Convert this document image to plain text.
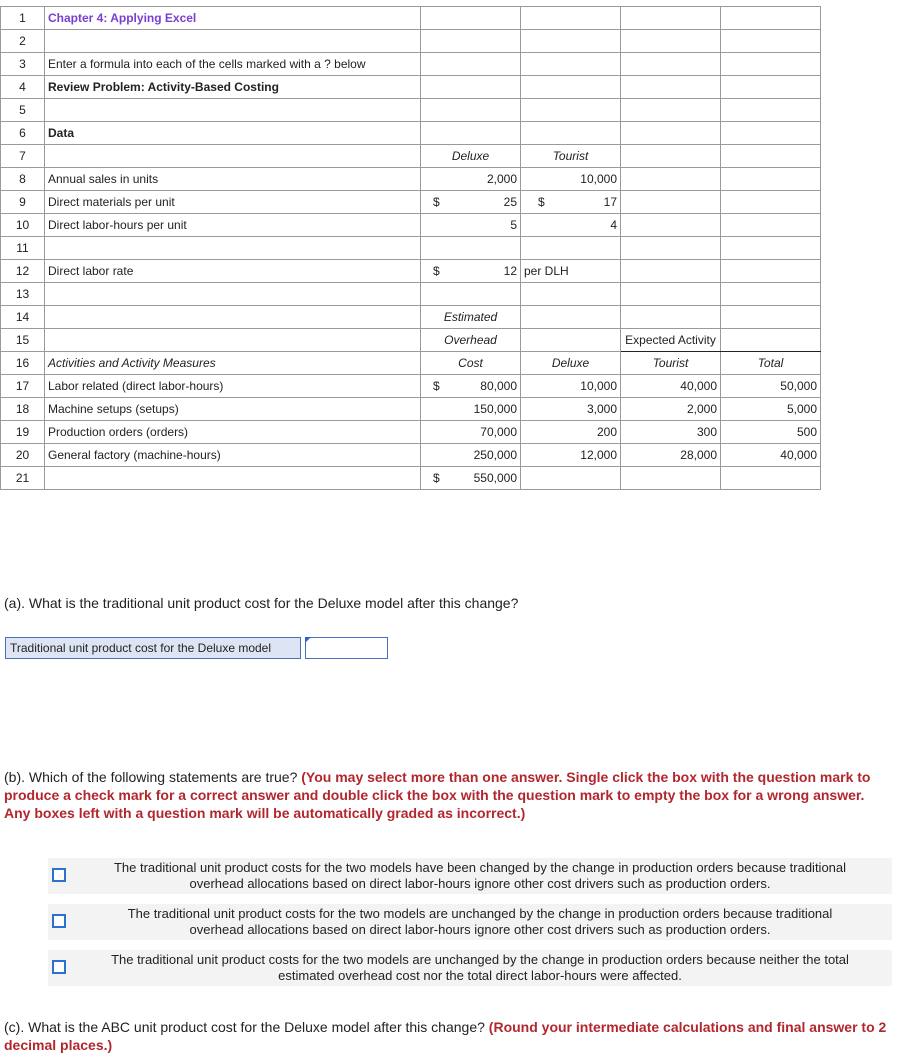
1	Chapter 4: Applying Excel				
2					
3	Enter a formula into each of the cells marked with a ? below				
4	Review Problem: Activity-Based Costing				
5					
6	Data				
7		Deluxe	Tourist		
8	Annual sales in units	2,000	10,000		
9	Direct materials per unit	$ 25	$ 17		

10	Direct labor-hours per unit	5	4		
11					
12	Direct labor rate	$ 12	per DLH		
13					
14		Estimated			
15		Overhead		Expected Activity	
16	Activities and Activity Measures	Cost	Deluxe	Tourist	Total
17	Labor related (direct labor-hours)	$ 80,000	10,000	40,000	50,000
18	Machine setups (setups)	150,000	3,000	2,000	5,000
19	Production orders (orders)	70,000	200	300	500
20	General factory (machine-hours)	250,000	12,000	28,000	40,000
21		$ 550,000			

(a). What is the traditional unit product cost for the Deluxe model after this change?
Traditional unit product cost for the Deluxe model
(b). Which of the following statements are true? (You may select more than one answer. Single click the box with the question mark to produce a check mark for a correct answer and double click the box with the question mark to empty the box for a wrong answer. Any boxes left with a question mark will be automatically graded as incorrect.)
The traditional unit product costs for the two models have been changed by the change in production orders because traditional
overhead allocations based on direct labor-hours ignore other cost drivers such as production orders.
The traditional unit product costs for the two models are unchanged by the change in production orders because traditional
overhead allocations based on direct labor-hours ignore other cost drivers such as production orders.
The traditional unit product costs for the two models are unchanged by the change in production orders because neither the total
estimated overhead cost nor the total direct labor-hours were affected.
(c). What is the ABC unit product cost for the Deluxe model after this change? (Round your intermediate calculations and final answer to 2 decimal places.)
